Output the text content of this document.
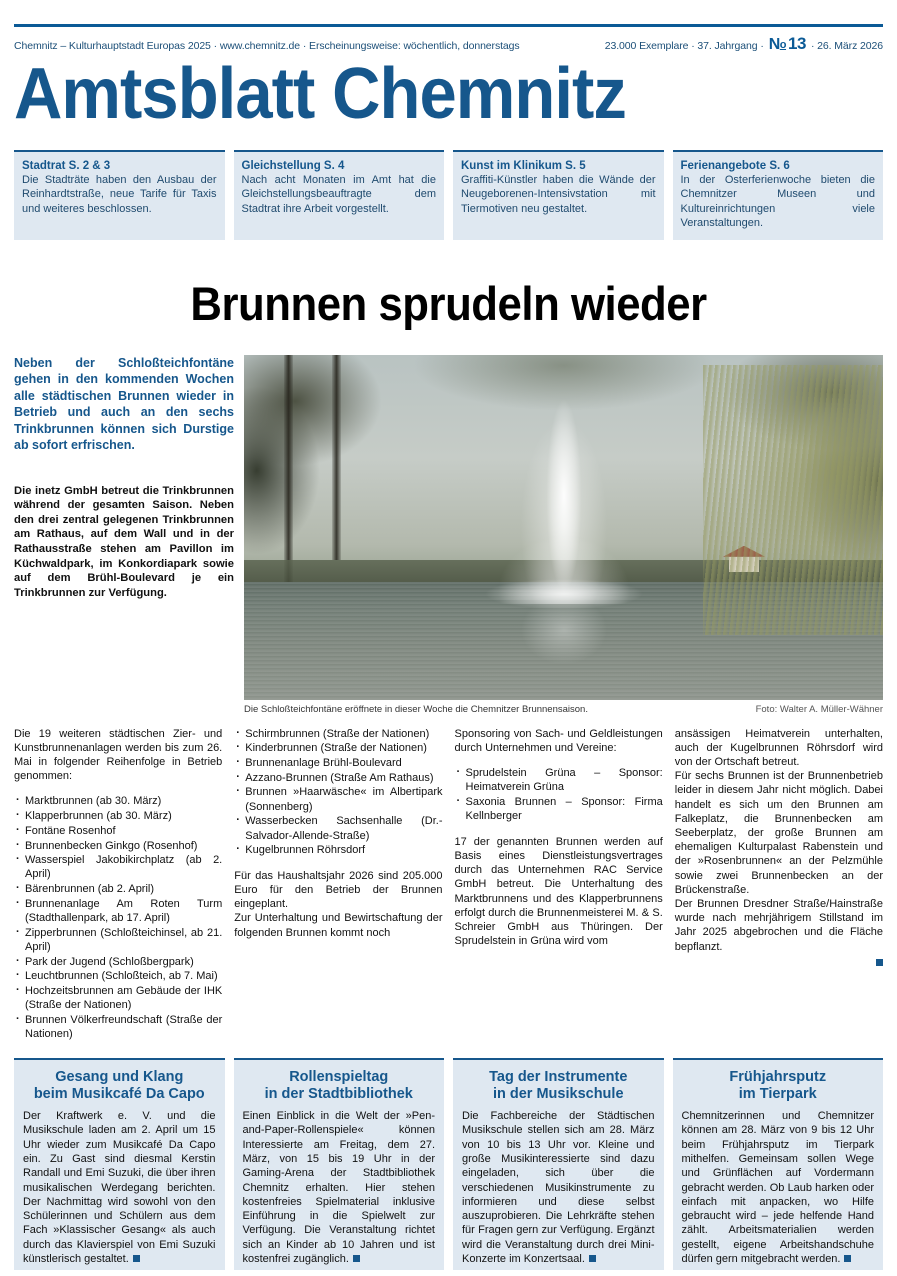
Chemnitz – Kulturhauptstadt Europas 2025 · www.chemnitz.de · Erscheinungsweise: wöchentlich, donnerstags	23.000 Exemplare · 37. Jahrgang · No 13 · 26. März 2026
Amtsblatt Chemnitz
Stadtrat S. 2 & 3
Die Stadträte haben den Ausbau der Reinhardtstraße, neue Tarife für Taxis und weiteres beschlossen.
Gleichstellung S. 4
Nach acht Monaten im Amt hat die Gleichstellungsbeauftragte dem Stadtrat ihre Arbeit vorgestellt.
Kunst im Klinikum S. 5
Graffiti-Künstler haben die Wände der Neugeborenen-Intensivstation mit Tiermotiven neu gestaltet.
Ferienangebote S. 6
In der Osterferienwoche bieten die Chemnitzer Museen und Kultureinrichtungen viele Veranstaltungen.
Brunnen sprudeln wieder
Neben der Schloßteichfontäne gehen in den kommenden Wochen alle städtischen Brunnen wieder in Betrieb und auch an den sechs Trinkbrunnen können sich Durstige ab sofort erfrischen.
Die inetz GmbH betreut die Trinkbrunnen während der gesamten Saison. Neben den drei zentral gelegenen Trinkbrunnen am Rathaus, auf dem Wall und in der Rathausstraße stehen am Pavillon im Küchwaldpark, im Konkordiapark sowie auf dem Brühl-Boulevard je ein Trinkbrunnen zur Verfügung.
Die Schloßteichfontäne eröffnete in dieser Woche die Chemnitzer Brunnensaison.	Foto: Walter A. Müller-Wähner

Die 19 weiteren städtischen Zier- und Kunstbrunnenanlagen werden bis zum 26. Mai in folgender Reihenfolge in Betrieb genommen:

· Marktbrunnen (ab 30. März)
· Klapperbrunnen (ab 30. März)
· Fontäne Rosenhof
· Brunnenbecken Ginkgo (Rosenhof)
· Wasserspiel Jakobikirchplatz (ab 2. April)
· Bärenbrunnen (ab 2. April)
· Brunnenanlage Am Roten Turm (Stadthallenpark, ab 17. April)
· Zipperbrunnen (Schloßteichinsel, ab 21. April)
· Park der Jugend (Schloßbergpark)
· Leuchtbrunnen (Schloßteich, ab 7. Mai)
· Hochzeitsbrunnen am Gebäude der IHK (Straße der Nationen)
· Brunnen Völkerfreundschaft (Straße der Nationen)
· Schirmbrunnen (Straße der Nationen)
· Kinderbrunnen (Straße der Nationen)
· Brunnenanlage Brühl-Boulevard
· Azzano-Brunnen (Straße Am Rathaus)
· Brunnen »Haarwäsche« im Albertipark (Sonnenberg)
· Wasserbecken Sachsenhalle (Dr.-Salvador-Allende-Straße)
· Kugelbrunnen Röhrsdorf

Für das Haushaltsjahr 2026 sind 205.000 Euro für den Betrieb der Brunnen eingeplant.

Zur Unterhaltung und Bewirtschaftung der folgenden Brunnen kommt noch

Sponsoring von Sach- und Geldleistungen durch Unternehmen und Vereine:

· Sprudelstein Grüna – Sponsor: Heimatverein Grüna
· Saxonia Brunnen – Sponsor: Firma Kellnberger

17 der genannten Brunnen werden auf Basis eines Dienstleistungsvertrages durch das Unternehmen RAC Service GmbH betreut. Die Unterhaltung des Marktbrunnens und des Klapperbrunnens erfolgt durch die Brunnenmeisterei M. & S. Schreier GmbH aus Thüringen. Der Sprudelstein in Grüna wird vom

ansässigen Heimatverein unterhalten, auch der Kugelbrunnen Röhrsdorf wird von der Ortschaft betreut.

Für sechs Brunnen ist der Brunnenbetrieb leider in diesem Jahr nicht möglich. Dabei handelt es sich um den Brunnen am Falkeplatz, die Brunnenbecken am Seeberplatz, der große Brunnen am ehemaligen Kulturpalast Rabenstein und der »Rosenbrunnen« an der Pelzmühle sowie zwei Brunnenbecken an der Brückenstraße.

Der Brunnen Dresdner Straße/Hainstraße wurde nach mehrjährigem Stillstand im Jahr 2025 abgebrochen und die Fläche bepflanzt.

Gesang und Klang
beim Musikcafé Da Capo
Der Kraftwerk e. V. und die Musikschule laden am 2. April um 15 Uhr wieder zum Musikcafé Da Capo ein. Zu Gast sind diesmal Kerstin Randall und Emi Suzuki, die über ihren musikalischen Werdegang berichten. Der Nachmittag wird sowohl von den Schülerinnen und Schülern aus dem Fach »Klassischer Gesang« als auch durch das Klavierspiel von Emi Suzuki künstlerisch gestaltet.
Rollenspieltag
in der Stadtbibliothek
Einen Einblick in die Welt der »Pen-and-Paper-Rollenspiele« können Interessierte am Freitag, dem 27. März, von 15 bis 19 Uhr in der Gaming-Arena der Stadtbibliothek Chemnitz erhalten. Hier stehen kostenfreies Spielmaterial inklusive Einführung in die Spielwelt zur Verfügung. Die Veranstaltung richtet sich an Kinder ab 10 Jahren und ist kostenfrei zugänglich.
Tag der Instrumente
in der Musikschule
Die Fachbereiche der Städtischen Musikschule stellen sich am 28. März von 10 bis 13 Uhr vor. Kleine und große Musikinteressierte sind dazu eingeladen, sich über die verschiedenen Musikinstrumente zu informieren und diese selbst auszuprobieren. Die Lehrkräfte stehen für Fragen gern zur Verfügung. Ergänzt wird die Veranstaltung durch drei Mini-Konzerte im Konzertsaal.
Frühjahrsputz
im Tierpark
Chemnitzerinnen und Chemnitzer können am 28. März von 9 bis 12 Uhr beim Frühjahrsputz im Tierpark mithelfen. Gemeinsam sollen Wege und Grünflächen auf Vordermann gebracht werden. Ob Laub harken oder einfach mit anpacken, wo Hilfe gebraucht wird – jede helfende Hand zählt. Arbeitsmaterialien werden gestellt, eigene Arbeitshandschuhe dürfen gern mitgebracht werden.
